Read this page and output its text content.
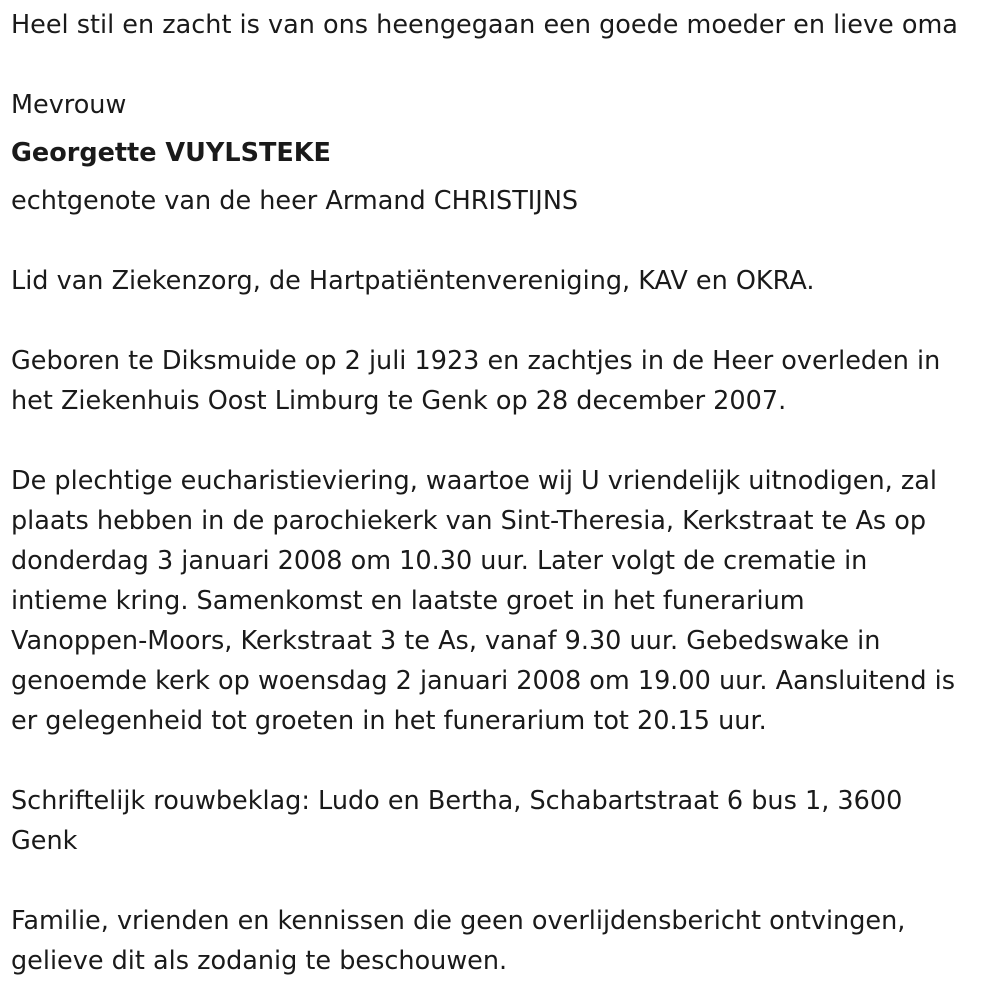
Heel stil en zacht is van ons heengegaan een goede moeder en lieve oma
Mevrouw
Georgette VUYLSTEKE
echtgenote van de heer Armand CHRISTIJNS
Lid van Ziekenzorg, de Hartpatiëntenvereniging, KAV en OKRA.
Geboren te Diksmuide op 2 juli 1923 en zachtjes in de Heer overleden in
het Ziekenhuis Oost Limburg te Genk op 28 december 2007.
De plechtige eucharistieviering, waartoe wij U vriendelijk uitnodigen, zal
plaats hebben in de parochiekerk van Sint-Theresia, Kerkstraat te As op
donderdag 3 januari 2008 om 10.30 uur. Later volgt de crematie in
intieme kring. Samenkomst en laatste groet in het funerarium
Vanoppen-Moors, Kerkstraat 3 te As, vanaf 9.30 uur. Gebedswake in
genoemde kerk op woensdag 2 januari 2008 om 19.00 uur. Aansluitend is
er gelegenheid tot groeten in het funerarium tot 20.15 uur.
Schriftelijk rouwbeklag: Ludo en Bertha, Schabartstraat 6 bus 1, 3600
Genk
Familie, vrienden en kennissen die geen overlijdensbericht ontvingen,
gelieve dit als zodanig te beschouwen.
